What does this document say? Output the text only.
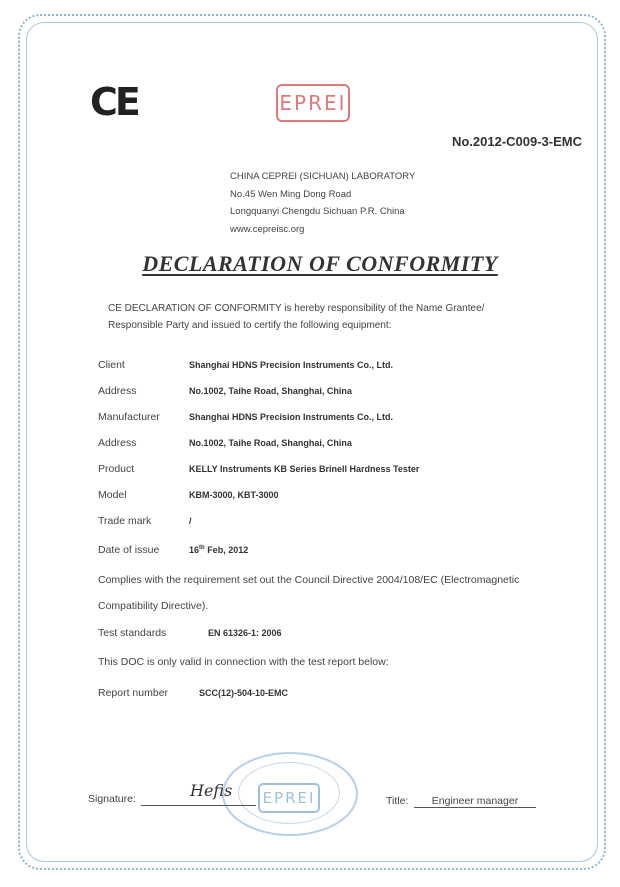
CE	EPREI
No.2012-C009-3-EMC
CHINA CEPREI (SICHUAN) LABORATORY
No.45 Wen Ming Dong Road
Longquanyi Chengdu Sichuan P.R. China
www.cepreisc.org
DECLARATION OF CONFORMITY
CE DECLARATION OF CONFORMITY is hereby responsibility of the Name Grantee/
Responsible Party and issued to certify the following equipment:
Client	Shanghai HDNS Precision Instruments Co., Ltd.
Address	No.1002, Taihe Road, Shanghai, China
Manufacturer	Shanghai HDNS Precision Instruments Co., Ltd.
Address	No.1002, Taihe Road, Shanghai, China
Product	KELLY Instruments KB Series Brinell Hardness Tester
Model	KBM-3000, KBT-3000
Trade mark	/
Date of issue	16th Feb, 2012
Complies with the requirement set out the Council Directive 2004/108/EC (Electromagnetic
Compatibility Directive).
Test standards	EN 61326-1: 2006
This DOC is only valid in connection with the test report below:
Report number	SCC(12)-504-10-EMC
EPREI
Signature:	Hefis
Title:	Engineer manager
